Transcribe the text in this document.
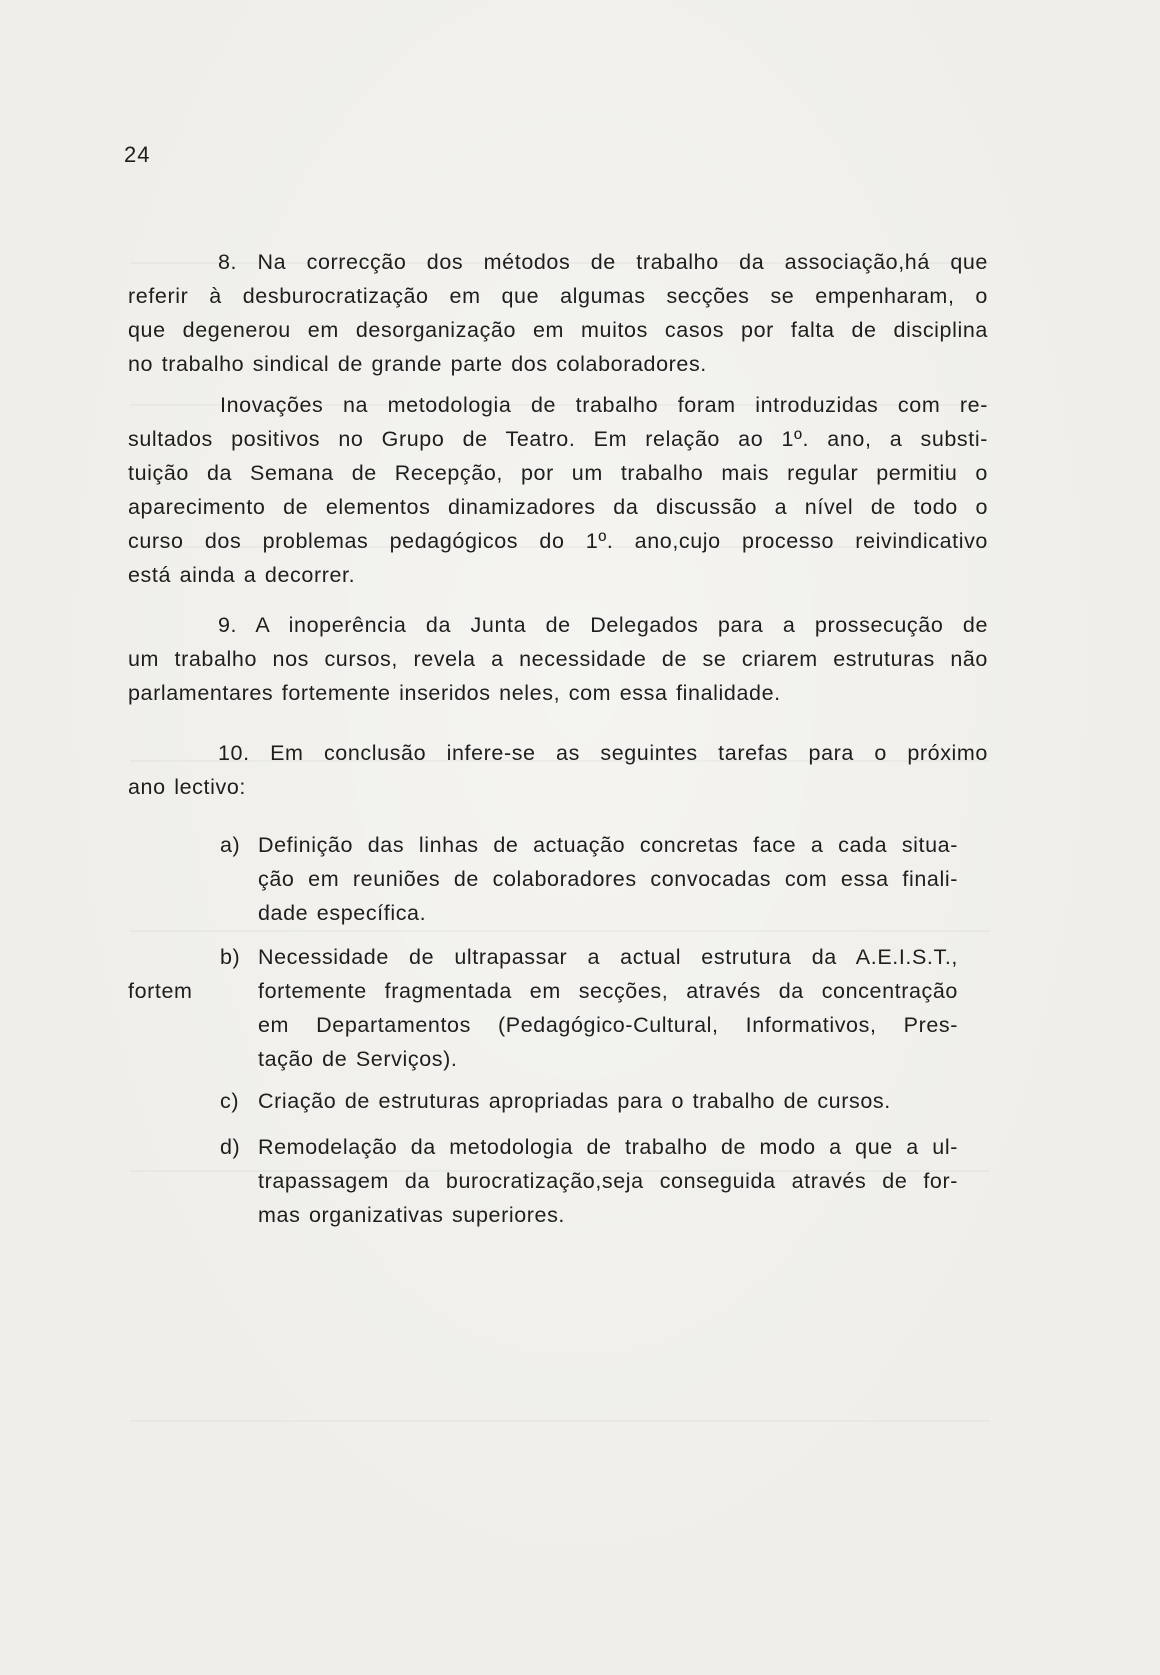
24
8. Na correcção dos métodos de trabalho da associação,há que
referir à desburocratização em que algumas secções se empenharam, o
que degenerou em desorganização em muitos casos por falta de disciplina
no trabalho sindical de grande parte dos colaboradores.
Inovações na metodologia de trabalho foram introduzidas com re-
sultados positivos no Grupo de Teatro. Em relação ao 1º. ano, a substi-
tuição da Semana de Recepção, por um trabalho mais regular permitiu o
aparecimento de elementos dinamizadores da discussão a nível de todo o
curso dos problemas pedagógicos do 1º. ano,cujo processo reivindicativo
está ainda a decorrer.
9. A inoperência da Junta de Delegados para a prossecução de
um trabalho nos cursos, revela a necessidade de se criarem estruturas não
parlamentares fortemente inseridos neles, com essa finalidade.
10. Em conclusão infere-se as seguintes tarefas para o próximo
ano lectivo:
a) Definição das linhas de actuação concretas face a cada situa-
ção em reuniões de colaboradores convocadas com essa finali-
dade específica.
b) Necessidade de ultrapassar a actual estrutura da A.E.I.S.T.,
fortemente fragmentada em secções, através da concentração
em Departamentos (Pedagógico-Cultural, Informativos, Pres-
tação de Serviços).
fortem
c) Criação de estruturas apropriadas para o trabalho de cursos.
d) Remodelação da metodologia de trabalho de modo a que a ul-
trapassagem da burocratização,seja conseguida através de for-
mas organizativas superiores.
